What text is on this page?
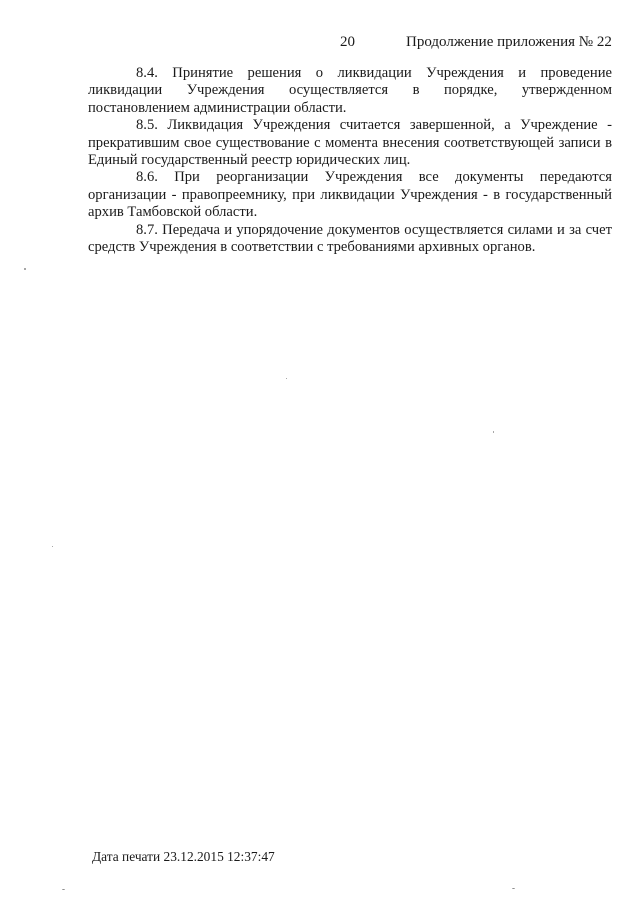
20	Продолжение приложения № 22

8.4. Принятие решения о ликвидации Учреждения и проведение ликвидации Учреждения осуществляется в порядке, утвержденном постановлением администрации области.

8.5. Ликвидация Учреждения считается завершенной, а Учреждение - прекратившим свое существование с момента внесения соответствующей записи в Единый государственный реестр юридических лиц.

8.6. При реорганизации Учреждения все документы передаются организации - правопреемнику, при ликвидации Учреждения - в государственный архив Тамбовской области.

8.7. Передача и упорядочение документов осуществляется силами и за счет средств Учреждения в соответствии с требованиями архивных органов.

Дата печати 23.12.2015 12:37:47
